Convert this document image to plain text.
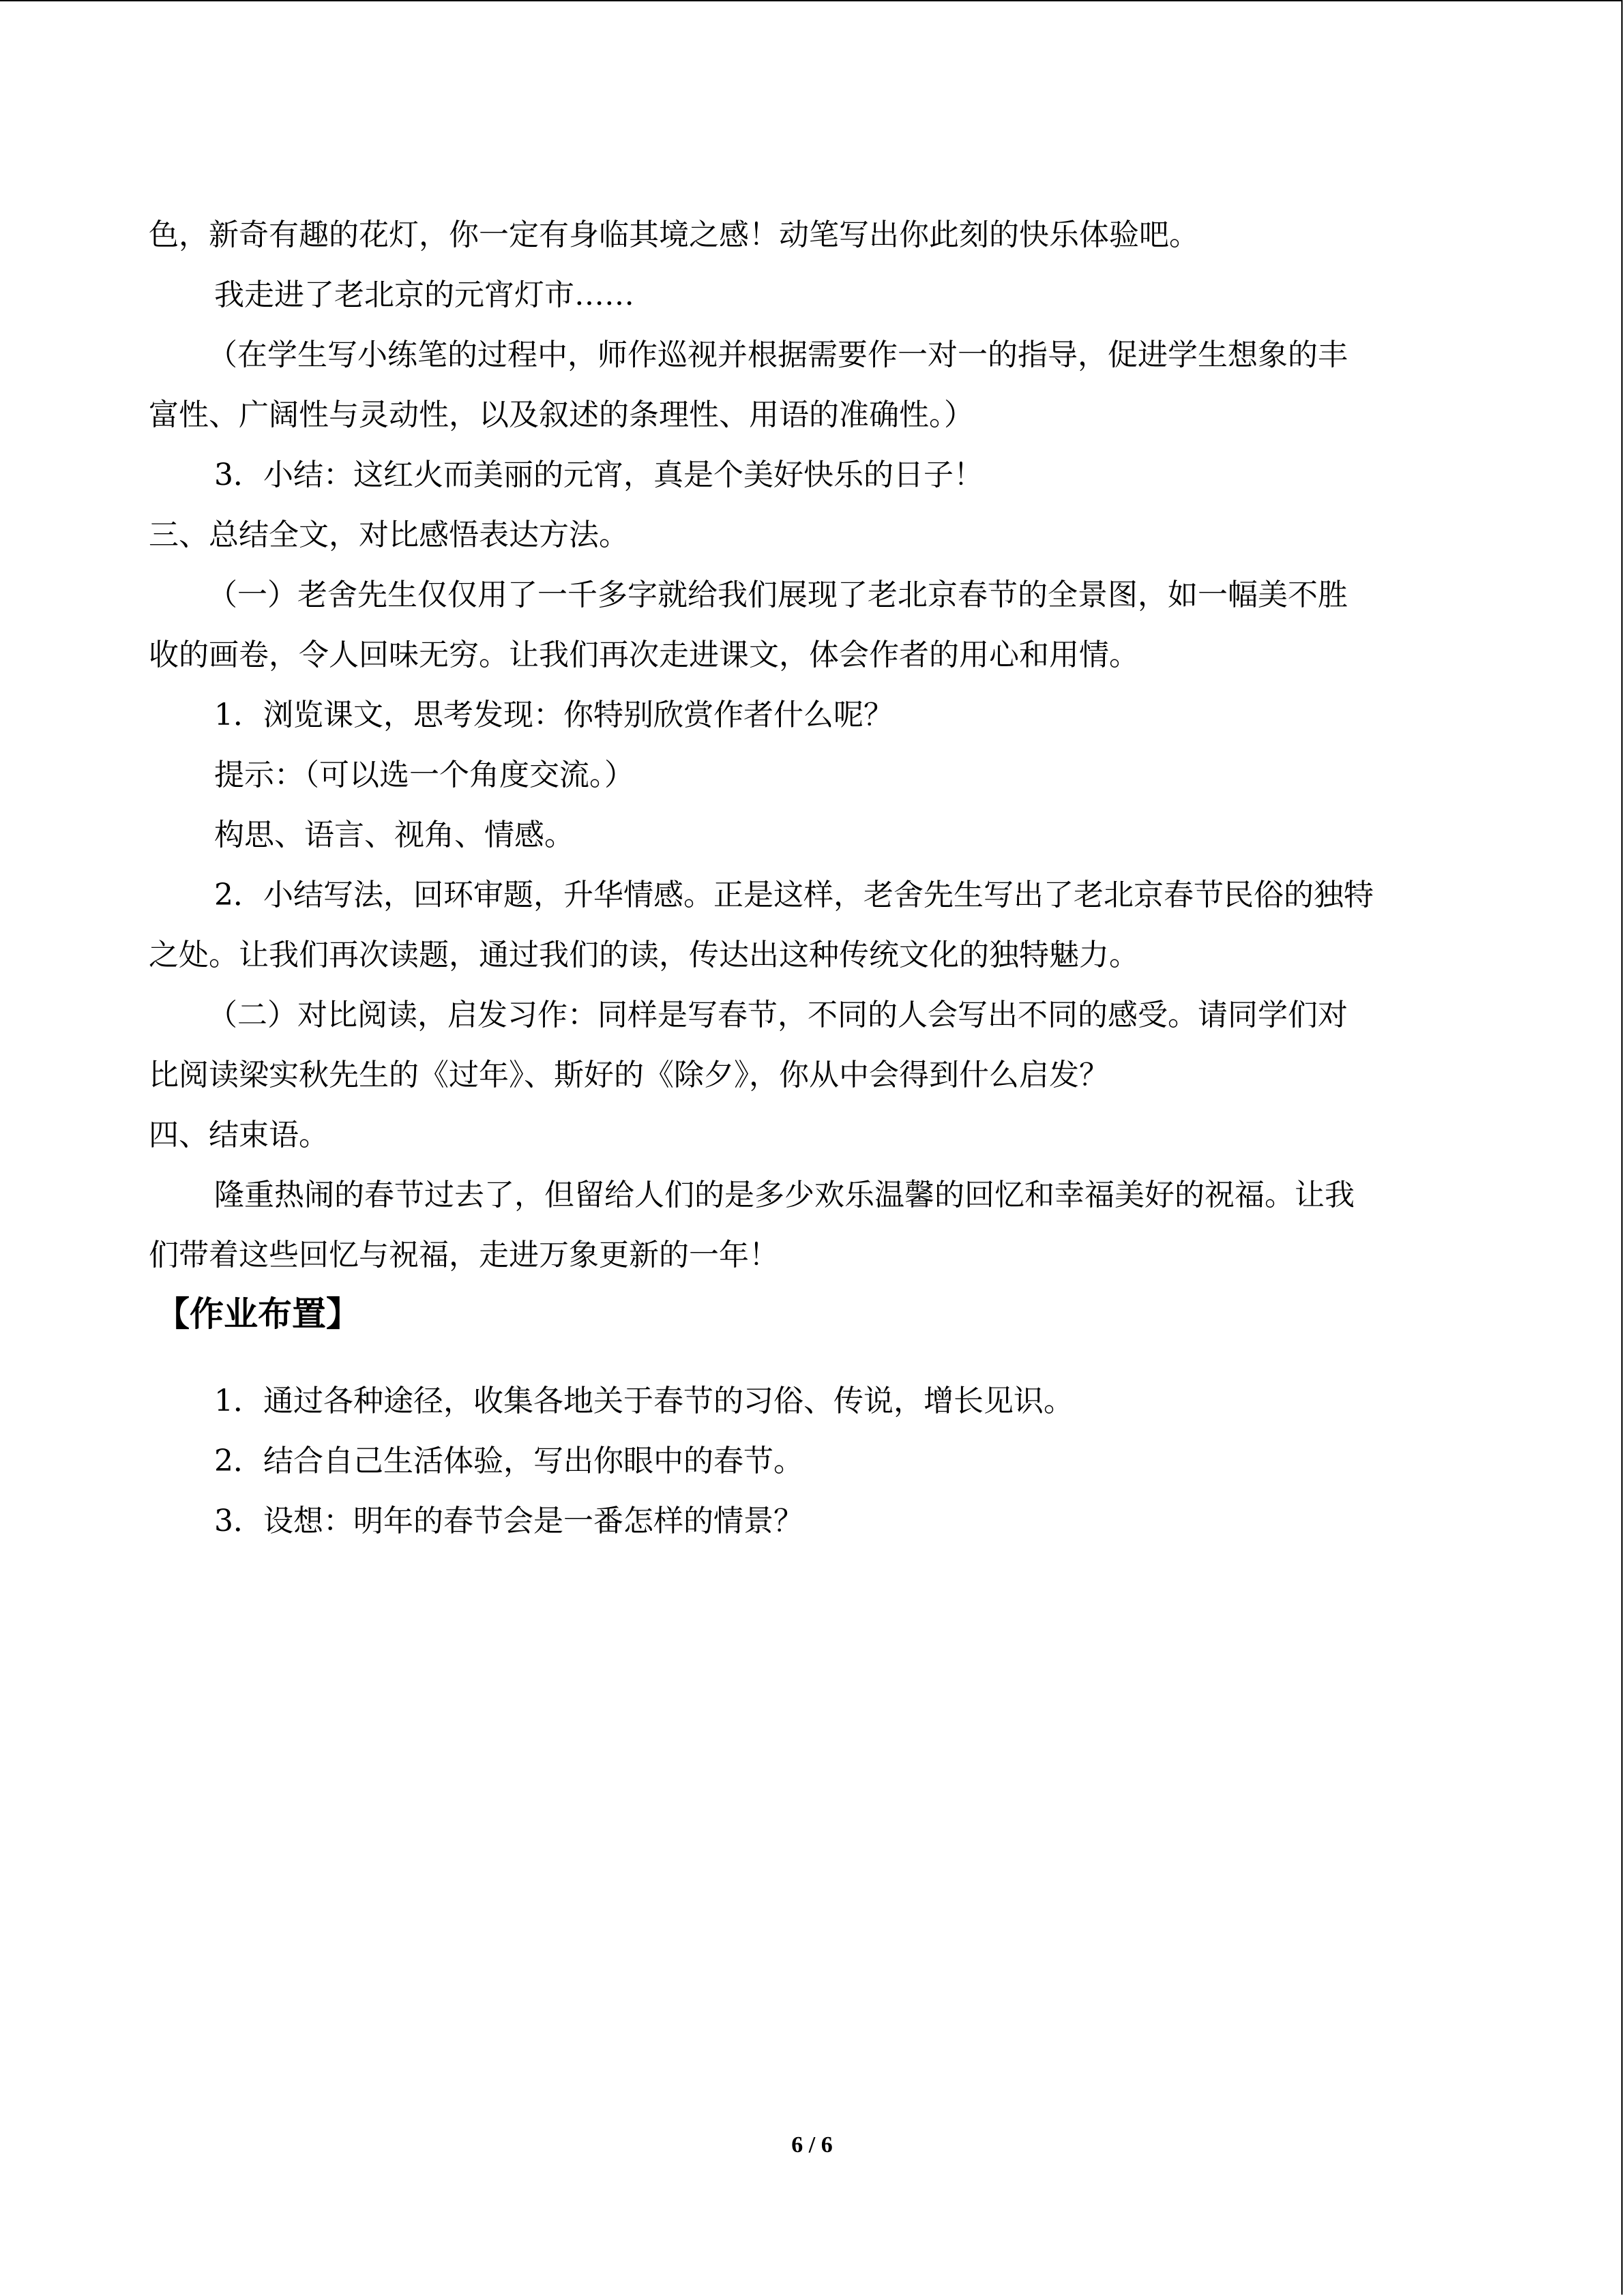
色，新奇有趣的花灯，你一定有身临其境之感！动笔写出你此刻的快乐体验吧。
我走进了老北京的元宵灯市……
（在学生写小练笔的过程中，师作巡视并根据需要作一对一的指导，促进学生想象的丰
富性、广阔性与灵动性，以及叙述的条理性、用语的准确性。）
3．小结：这红火而美丽的元宵，真是个美好快乐的日子！
三、总结全文，对比感悟表达方法。
（一）老舍先生仅仅用了一千多字就给我们展现了老北京春节的全景图，如一幅美不胜
收的画卷，令人回味无穷。让我们再次走进课文，体会作者的用心和用情。
1．浏览课文，思考发现：你特别欣赏作者什么呢？
提示：（可以选一个角度交流。）
构思、语言、视角、情感。
2．小结写法，回环审题，升华情感。正是这样，老舍先生写出了老北京春节民俗的独特
之处。让我们再次读题，通过我们的读，传达出这种传统文化的独特魅力。
（二）对比阅读，启发习作：同样是写春节，不同的人会写出不同的感受。请同学们对
比阅读梁实秋先生的《过年》、斯好的《除夕》，你从中会得到什么启发？
四、结束语。
隆重热闹的春节过去了，但留给人们的是多少欢乐温馨的回忆和幸福美好的祝福。让我
们带着这些回忆与祝福，走进万象更新的一年！
【作业布置】
1．通过各种途径，收集各地关于春节的习俗、传说，增长见识。
2．结合自己生活体验，写出你眼中的春节。
3．设想：明年的春节会是一番怎样的情景？
6 / 6
